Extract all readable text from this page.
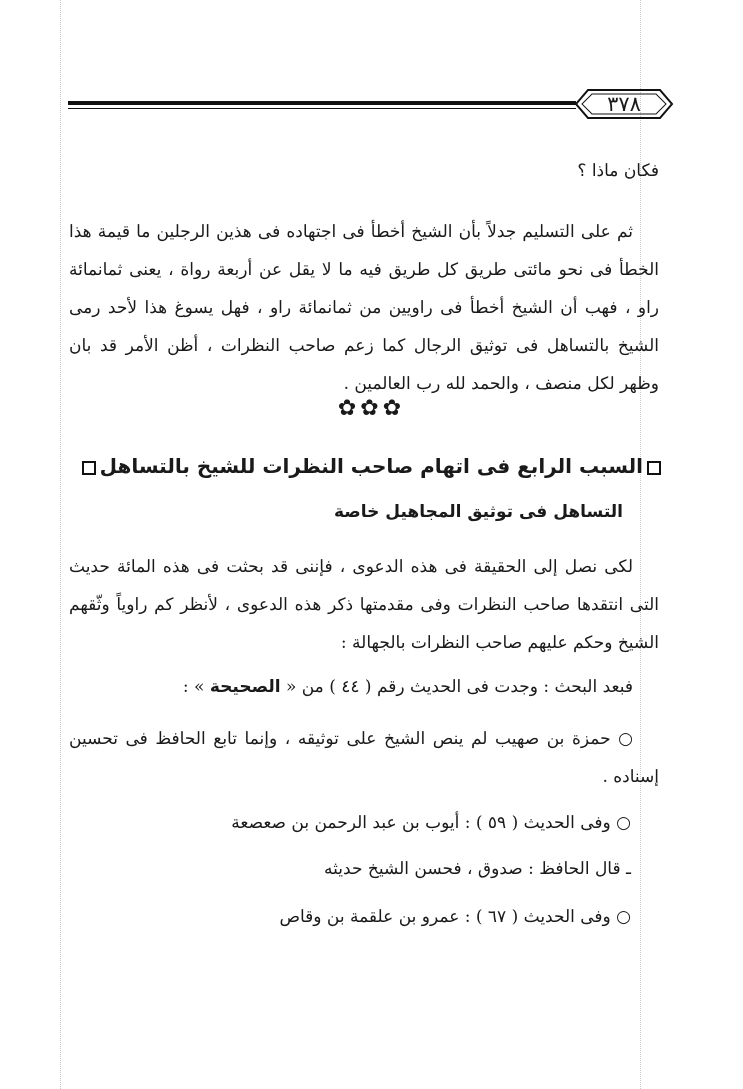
٣٧٨
فكان ماذا ؟
ثم على التسليم جدلاً بأن الشيخ أخطأ فى اجتهاده فى هذين الرجلين ما قيمة هذا الخطأ فى نحو مائتى طريق كل طريق فيه ما لا يقل عن أربعة رواة ، يعنى ثمانمائة راو ، فهب أن الشيخ أخطأ فى راويين من ثمانمائة راو ، فهل يسوغ هذا لأحد رمى الشيخ بالتساهل فى توثيق الرجال كما زعم صاحب النظرات ، أظن الأمر قد بان وظهر لكل منصف ، والحمد لله رب العالمين .
✿✿✿
السبب الرابع فى اتهام صاحب النظرات للشيخ بالتساهل
التساهل فى توثيق المجاهيل خاصة
لكى نصل إلى الحقيقة فى هذه الدعوى ، فإننى قد بحثت فى هذه المائة حديث التى انتقدها صاحب النظرات وفى مقدمتها ذكر هذه الدعوى ، لأنظر كم راوياً وثّقهم الشيخ وحكم عليهم صاحب النظرات بالجهالة :
فبعد البحث : وجدت فى الحديث رقم ( ٤٤ ) من « الصحيحة » :
○ حمزة بن صهيب لم ينص الشيخ على توثيقه ، وإنما تابع الحافظ فى تحسين إسناده .
○ وفى الحديث ( ٥٩ ) : أيوب بن عبد الرحمن بن صعصعة
ـ قال الحافظ : صدوق ، فحسن الشيخ حديثه
○ وفى الحديث ( ٦٧ ) : عمرو بن علقمة بن وقاص
